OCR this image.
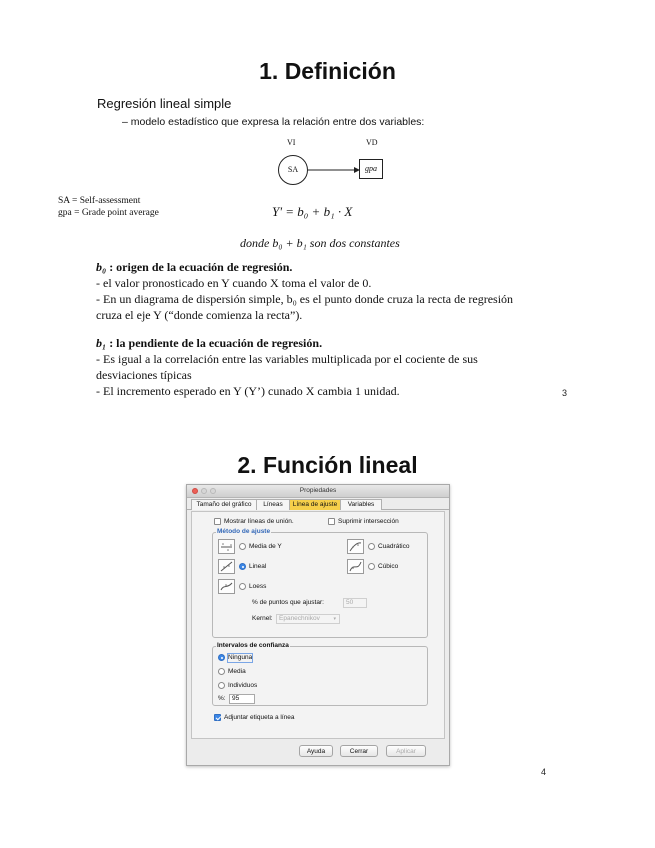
1. Definición
Regresión lineal simple
– modelo estadístico que expresa la relación entre dos variables:
VI	VD
SA	gpa
SA = Self-assessment
gpa = Grade point average	Y' = b₀ + b₁ · X
donde b₀ + b₁ son dos constantes
b₀ : origen de la ecuación de regresión.
- el valor pronosticado en Y cuando X toma el valor de 0.
- En un diagrama de dispersión simple, b₀ es el punto donde cruza la recta de regresión
cruza el eje Y (“donde comienza la recta”).
b₁ : la pendiente de la ecuación de regresión.
- Es igual a la correlación entre las variables multiplicada por el cociente de sus
desviaciones típicas
- El incremento esperado en Y (Y’) cunado X cambia 1 unidad.	3
2. Función lineal
Propiedades
Tamaño del gráfico	Líneas	Línea de ajuste	Variables
Mostrar líneas de unión.	Suprimir intersección
Método de ajuste
Media de Y	Cuadrático
Lineal	Cúbico
Loess
% de puntos que ajustar:	50
Kernel: Epanechnikov	▾
Intervalos de confianza
Ninguna
Media
Individuos
%: 95
Adjuntar etiqueta a línea
Ayuda	Cerrar	Aplicar
4
